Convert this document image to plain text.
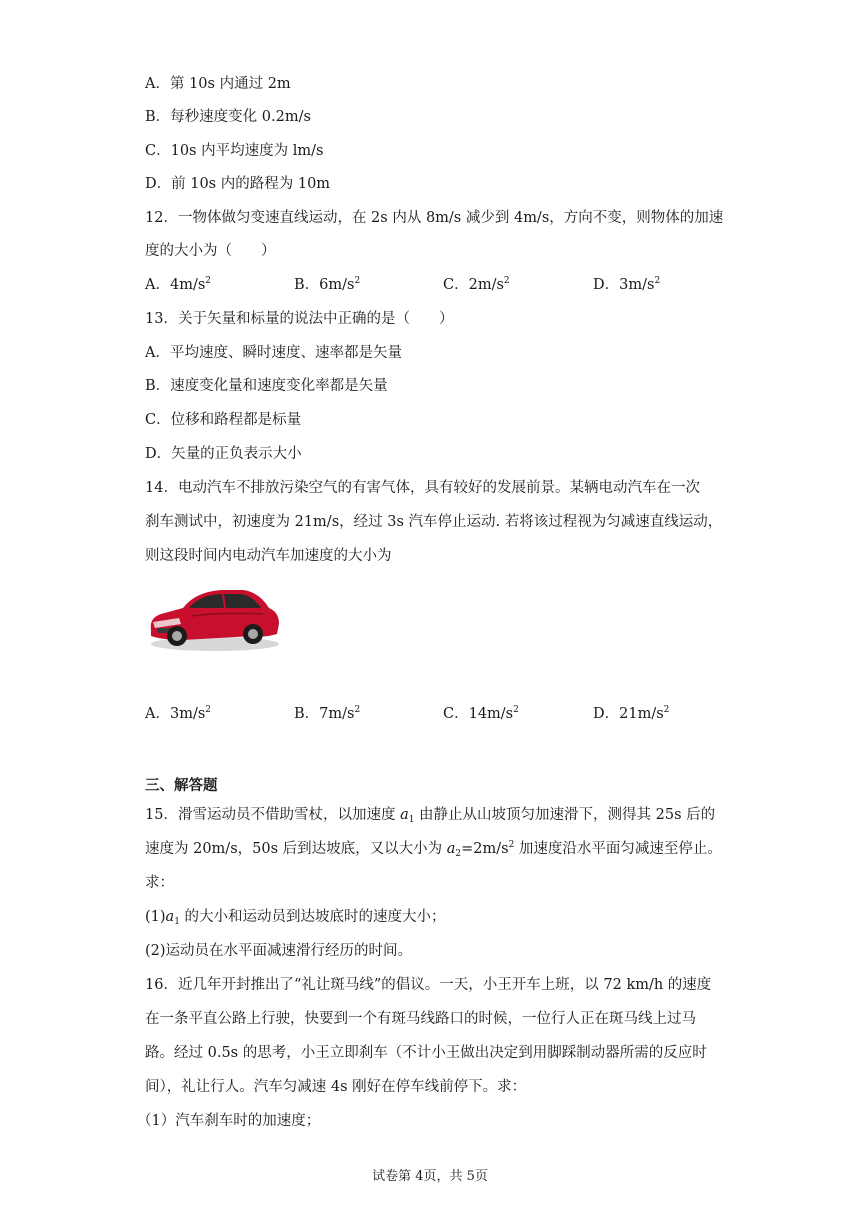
A．第 10s 内通过 2m
B．每秒速度变化 0.2m/s
C．10s 内平均速度为 lm/s
D．前 10s 内的路程为 10m
12．一物体做匀变速直线运动，在 2s 内从 8m/s 减少到 4m/s，方向不变，则物体的加速
度的大小为（　　）
A．$4m/s^2$	B．$6m/s^2$	C．$2m/s^2$	D．$3m/s^2$
13．关于矢量和标量的说法中正确的是（　　）
A．平均速度、瞬时速度、速率都是矢量
B．速度变化量和速度变化率都是矢量
C．位移和路程都是标量
D．矢量的正负表示大小
14．电动汽车不排放污染空气的有害气体，具有较好的发展前景。某辆电动汽车在一次
刹车测试中，初速度为 21m/s，经过 3s 汽车停止运动. 若将该过程视为匀减速直线运动，
则这段时间内电动汽车加速度的大小为
A．$3m/s^2$	B．$7m/s^2$	C．$14m/s^2$	D．$21m/s^2$
三、解答题
15．滑雪运动员不借助雪杖，以加速度 $a_1$ 由静止从山坡顶匀加速滑下，测得其 25s 后的
速度为 20m/s，50s 后到达坡底，又以大小为 $a_2=2m/s^2$ 加速度沿水平面匀减速至停止。
求：
$(1)a_1$ 的大小和运动员到达坡底时的速度大小；
(2)运动员在水平面减速滑行经历的时间。
16．近几年开封推出了“礼让斑马线”的倡议。一天，小王开车上班，以 72 km/h 的速度
在一条平直公路上行驶，快要到一个有斑马线路口的时候，一位行人正在斑马线上过马
路。经过 0.5s 的思考，小王立即刹车（不计小王做出决定到用脚踩制动器所需的反应时
间），礼让行人。汽车匀减速 4s 刚好在停车线前停下。求：
（1）汽车刹车时的加速度；
试卷第 4页，共 5页
